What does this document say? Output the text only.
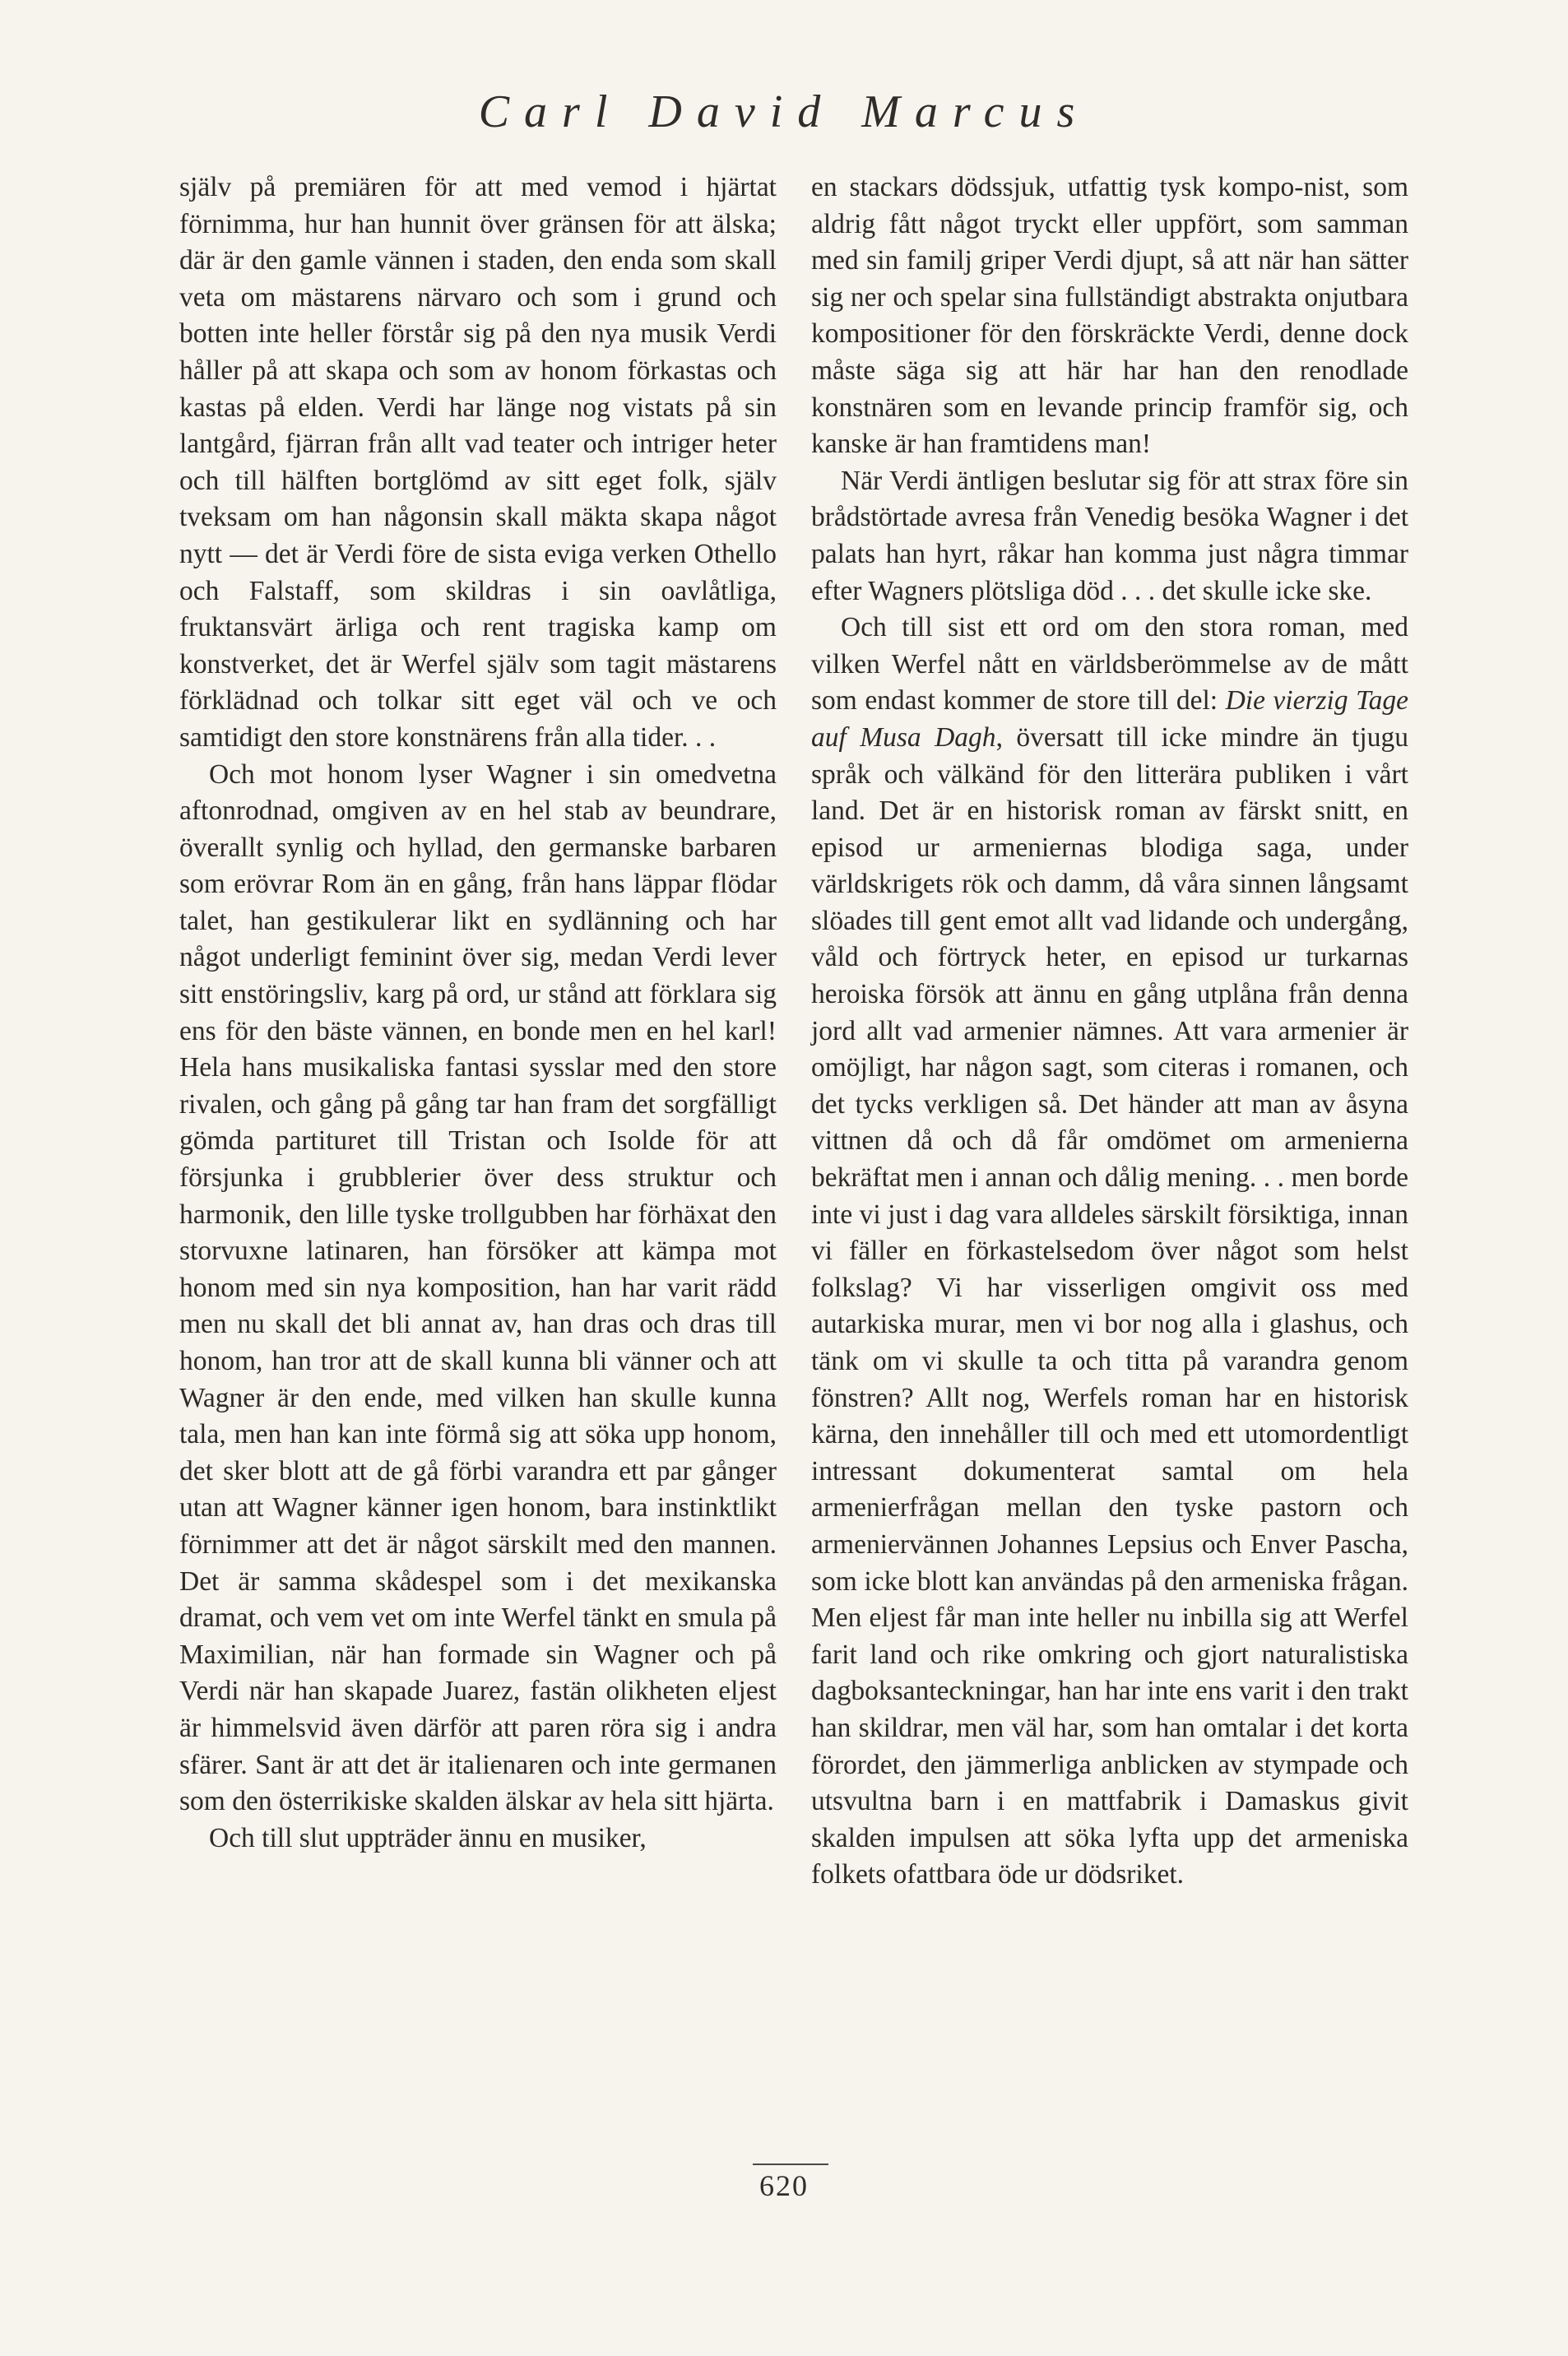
Carl David Marcus

själv på premiären för att med vemod i hjärtat förnimma, hur han hunnit över gränsen för att älska; där är den gamle vännen i staden, den enda som skall veta om mästarens närvaro och som i grund och botten inte heller förstår sig på den nya musik Verdi håller på att skapa och som av honom förkastas och kastas på elden. Verdi har länge nog vistats på sin lantgård, fjärran från allt vad teater och intriger heter och till hälften bortglömd av sitt eget folk, själv tveksam om han någonsin skall mäkta skapa något nytt — det är Verdi före de sista eviga verken Othello och Falstaff, som skildras i sin oavlåtliga, fruktansvärt ärliga och rent tragiska kamp om konstverket, det är Werfel själv som tagit mästarens förklädnad och tolkar sitt eget väl och ve och samtidigt den store konstnärens från alla tider. . .

Och mot honom lyser Wagner i sin omedvetna aftonrodnad, omgiven av en hel stab av beundrare, överallt synlig och hyllad, den germanske barbaren som erövrar Rom än en gång, från hans läppar flödar talet, han gestikulerar likt en sydlänning och har något underligt feminint över sig, medan Verdi lever sitt enstöringsliv, karg på ord, ur stånd att förklara sig ens för den bäste vännen, en bonde men en hel karl! Hela hans musikaliska fantasi sysslar med den store rivalen, och gång på gång tar han fram det sorgfälligt gömda partituret till Tristan och Isolde för att försjunka i grubblerier över dess struktur och harmonik, den lille tyske trollgubben har förhäxat den storvuxne latinaren, han försöker att kämpa mot honom med sin nya komposition, han har varit rädd men nu skall det bli annat av, han dras och dras till honom, han tror att de skall kunna bli vänner och att Wagner är den ende, med vilken han skulle kunna tala, men han kan inte förmå sig att söka upp honom, det sker blott att de gå förbi varandra ett par gånger utan att Wagner känner igen honom, bara instinktlikt förnimmer att det är något särskilt med den mannen. Det är samma skådespel som i det mexikanska dramat, och vem vet om inte Werfel tänkt en smula på Maximilian, när han formade sin Wagner och på Verdi när han skapade Juarez, fastän olikheten eljest är himmelsvid även därför att paren röra sig i andra sfärer. Sant är att det är italienaren och inte germanen som den österrikiske skalden älskar av hela sitt hjärta.

Och till slut uppträder ännu en musiker,

en stackars dödssjuk, utfattig tysk kompo-nist, som aldrig fått något tryckt eller uppfört, som samman med sin familj griper Verdi djupt, så att när han sätter sig ner och spelar sina fullständigt abstrakta onjutbara kompositioner för den förskräckte Verdi, denne dock måste säga sig att här har han den renodlade konstnären som en levande princip framför sig, och kanske är han framtidens man!

När Verdi äntligen beslutar sig för att strax före sin brådstörtade avresa från Venedig besöka Wagner i det palats han hyrt, råkar han komma just några timmar efter Wagners plötsliga död . . . det skulle icke ske.

Och till sist ett ord om den stora roman, med vilken Werfel nått en världsberömmelse av de mått som endast kommer de store till del: Die vierzig Tage auf Musa Dagh, översatt till icke mindre än tjugu språk och välkänd för den litterära publiken i vårt land. Det är en historisk roman av färskt snitt, en episod ur armeniernas blodiga saga, under världskrigets rök och damm, då våra sinnen långsamt slöades till gent emot allt vad lidande och undergång, våld och förtryck heter, en episod ur turkarnas heroiska försök att ännu en gång utplåna från denna jord allt vad armenier nämnes. Att vara armenier är omöjligt, har någon sagt, som citeras i romanen, och det tycks verkligen så. Det händer att man av åsyna vittnen då och då får omdömet om armenierna bekräftat men i annan och dålig mening. . . men borde inte vi just i dag vara alldeles särskilt försiktiga, innan vi fäller en förkastelsedom över något som helst folkslag? Vi har visserligen omgivit oss med autarkiska murar, men vi bor nog alla i glashus, och tänk om vi skulle ta och titta på varandra genom fönstren? Allt nog, Werfels roman har en historisk kärna, den innehåller till och med ett utomordentligt intressant dokumenterat samtal om hela armenierfrågan mellan den tyske pastorn och armeniervännen Johannes Lepsius och Enver Pascha, som icke blott kan användas på den armeniska frågan. Men eljest får man inte heller nu inbilla sig att Werfel farit land och rike omkring och gjort naturalistiska dagboksanteckningar, han har inte ens varit i den trakt han skildrar, men väl har, som han omtalar i det korta förordet, den jämmerliga anblicken av stympade och utsvultna barn i en mattfabrik i Damaskus givit skalden impulsen att söka lyfta upp det armeniska folkets ofattbara öde ur dödsriket.

620
